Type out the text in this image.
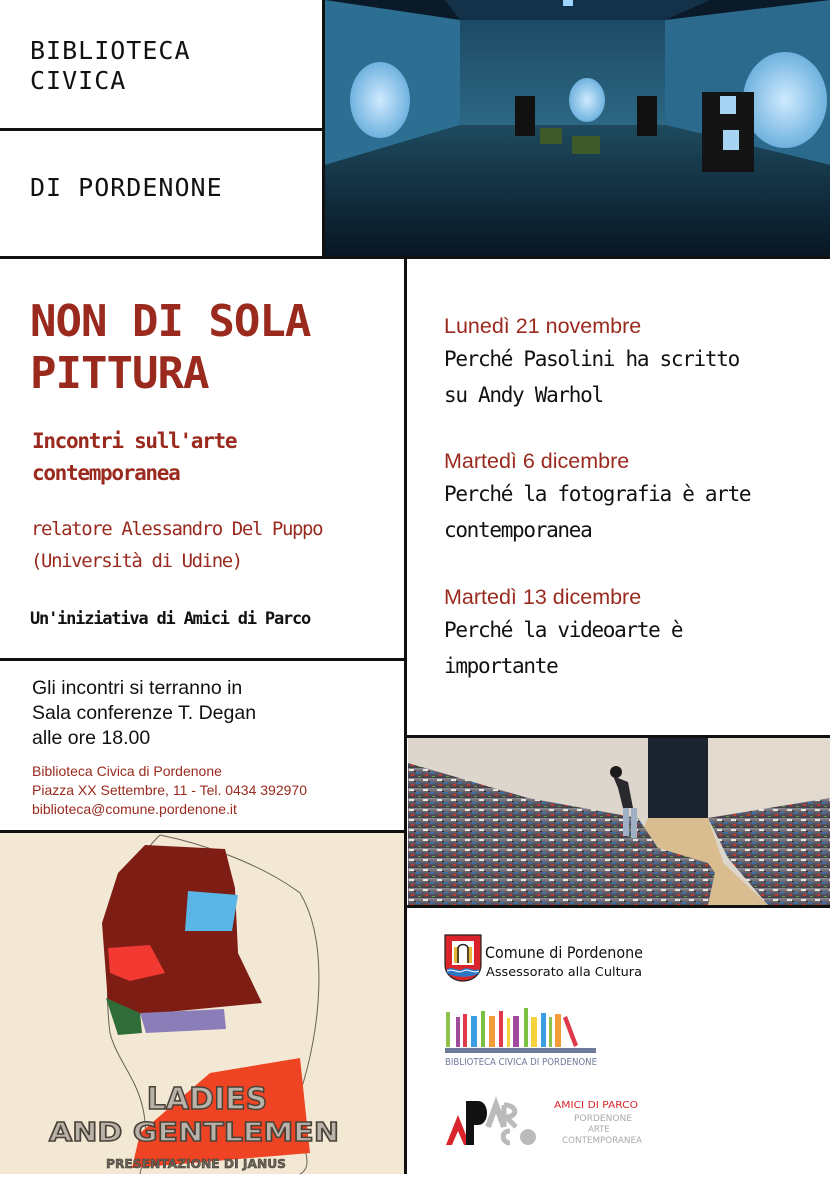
BIBLIOTECA
CIVICA
DI PORDENONE
NON DI SOLA
PITTURA
Incontri sull'arte
contemporanea
relatore Alessandro Del Puppo
(Università di Udine)
Un'iniziativa di Amici di Parco
Lunedì 21 novembre
Perché Pasolini ha scritto
su Andy Warhol
Martedì 6 dicembre
Perché la fotografia è arte
contemporanea
Martedì 13 dicembre
Perché la videoarte è
importante
Gli incontri si terranno in
Sala conferenze T. Degan
alle ore 18.00
Biblioteca Civica di Pordenone
Piazza XX Settembre, 11 - Tel. 0434 392970
biblioteca@comune.pordenone.it
LADIES
AND GENTLEMEN
PRESENTAZIONE DI JANUS
Comune di Pordenone
Assessorato alla Cultura
BIBLIOTECA CIVICA DI PORDENONE
AMICI DI PARCO
PORDENONE
ARTE
CONTEMPORANEA
